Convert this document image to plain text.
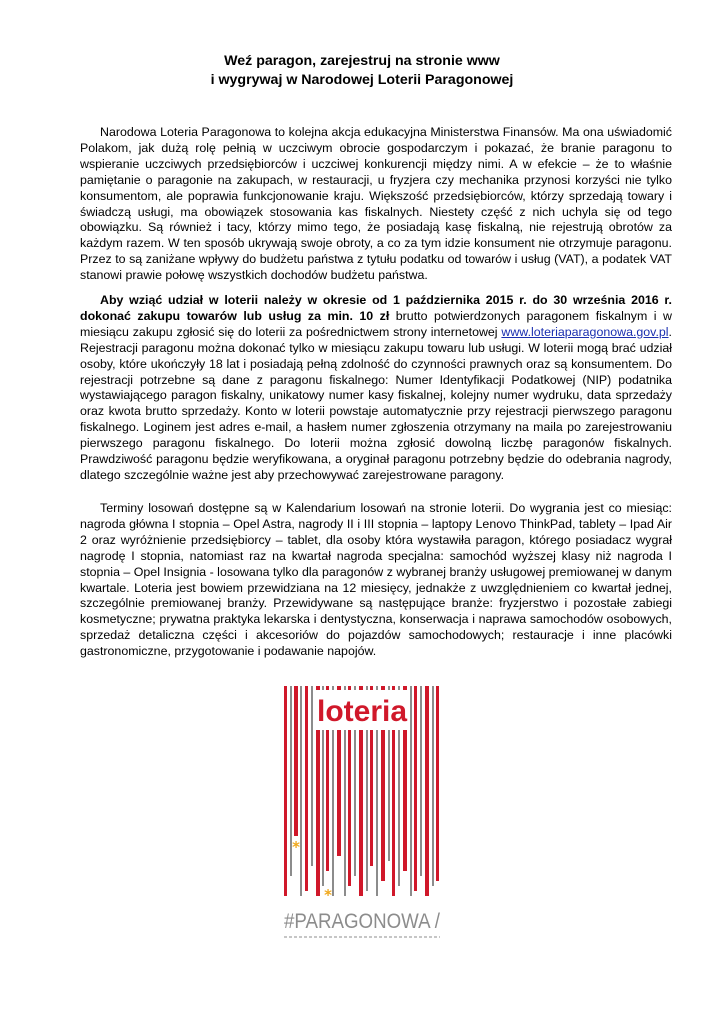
Weź paragon, zarejestruj na stronie www
i wygrywaj w Narodowej Loterii Paragonowej

Narodowa Loteria Paragonowa to kolejna akcja edukacyjna Ministerstwa Finansów. Ma ona uświadomić Polakom, jak dużą rolę pełnią w uczciwym obrocie gospodarczym i pokazać, że branie paragonu to wspieranie uczciwych przedsiębiorców i uczciwej konkurencji między nimi. A w efekcie – że to właśnie pamiętanie o paragonie na zakupach, w restauracji, u fryzjera czy mechanika przynosi korzyści nie tylko konsumentom, ale poprawia funkcjonowanie kraju. Większość przedsiębiorców, którzy sprzedają towary i świadczą usługi, ma obowiązek stosowania kas fiskalnych. Niestety część z nich uchyla się od tego obowiązku. Są również i tacy, którzy mimo tego, że posiadają kasę fiskalną, nie rejestrują obrotów za każdym razem. W ten sposób ukrywają swoje obroty, a co za tym idzie konsument nie otrzymuje paragonu. Przez to są zaniżane wpływy do budżetu państwa z tytułu podatku od towarów i usług (VAT), a podatek VAT stanowi prawie połowę wszystkich dochodów budżetu państwa.

Aby wziąć udział w loterii należy w okresie od 1 października 2015 r. do 30 września 2016 r. dokonać zakupu towarów lub usług za min. 10 zł brutto potwierdzonych paragonem fiskalnym i w miesiącu zakupu zgłosić się do loterii za pośrednictwem strony internetowej www.loteriaparagonowa.gov.pl. Rejestracji paragonu można dokonać tylko w miesiącu zakupu towaru lub usługi. W loterii mogą brać udział osoby, które ukończyły 18 lat i posiadają pełną zdolność do czynności prawnych oraz są konsumentem. Do rejestracji potrzebne są dane z paragonu fiskalnego: Numer Identyfikacji Podatkowej (NIP) podatnika wystawiającego paragon fiskalny, unikatowy numer kasy fiskalnej, kolejny numer wydruku, data sprzedaży oraz kwota brutto sprzedaży. Konto w loterii powstaje automatycznie przy rejestracji pierwszego paragonu fiskalnego. Loginem jest adres e-mail, a hasłem numer zgłoszenia otrzymany na maila po zarejestrowaniu pierwszego paragonu fiskalnego. Do loterii można zgłosić dowolną liczbę paragonów fiskalnych. Prawdziwość paragonu będzie weryfikowana, a oryginał paragonu potrzebny będzie do odebrania nagrody, dlatego szczególnie ważne jest aby przechowywać zarejestrowane paragony.

Terminy losowań dostępne są w Kalendarium losowań na stronie loterii. Do wygrania jest co miesiąc: nagroda główna I stopnia – Opel Astra, nagrody II i III stopnia – laptopy Lenovo ThinkPad, tablety – Ipad Air 2 oraz wyróżnienie przedsiębiorcy – tablet, dla osoby która wystawiła paragon, którego posiadacz wygrał nagrodę I stopnia, natomiast raz na kwartał nagroda specjalna: samochód wyższej klasy niż nagroda I stopnia – Opel Insignia - losowana tylko dla paragonów z wybranej branży usługowej premiowanej w danym kwartale. Loteria jest bowiem przewidziana na 12 miesięcy, jednakże z uwzględnieniem co kwartał jednej, szczególnie premiowanej branży. Przewidywane są następujące branże: fryzjerstwo i pozostałe zabiegi kosmetyczne; prywatna praktyka lekarska i dentystyczna, konserwacja i naprawa samochodów osobowych, sprzedaż detaliczna części i akcesoriów do pojazdów samochodowych; restauracje i inne placówki gastronomiczne, przygotowanie i podawanie napojów.

loteria
*
*
#PARAGONOWA /
